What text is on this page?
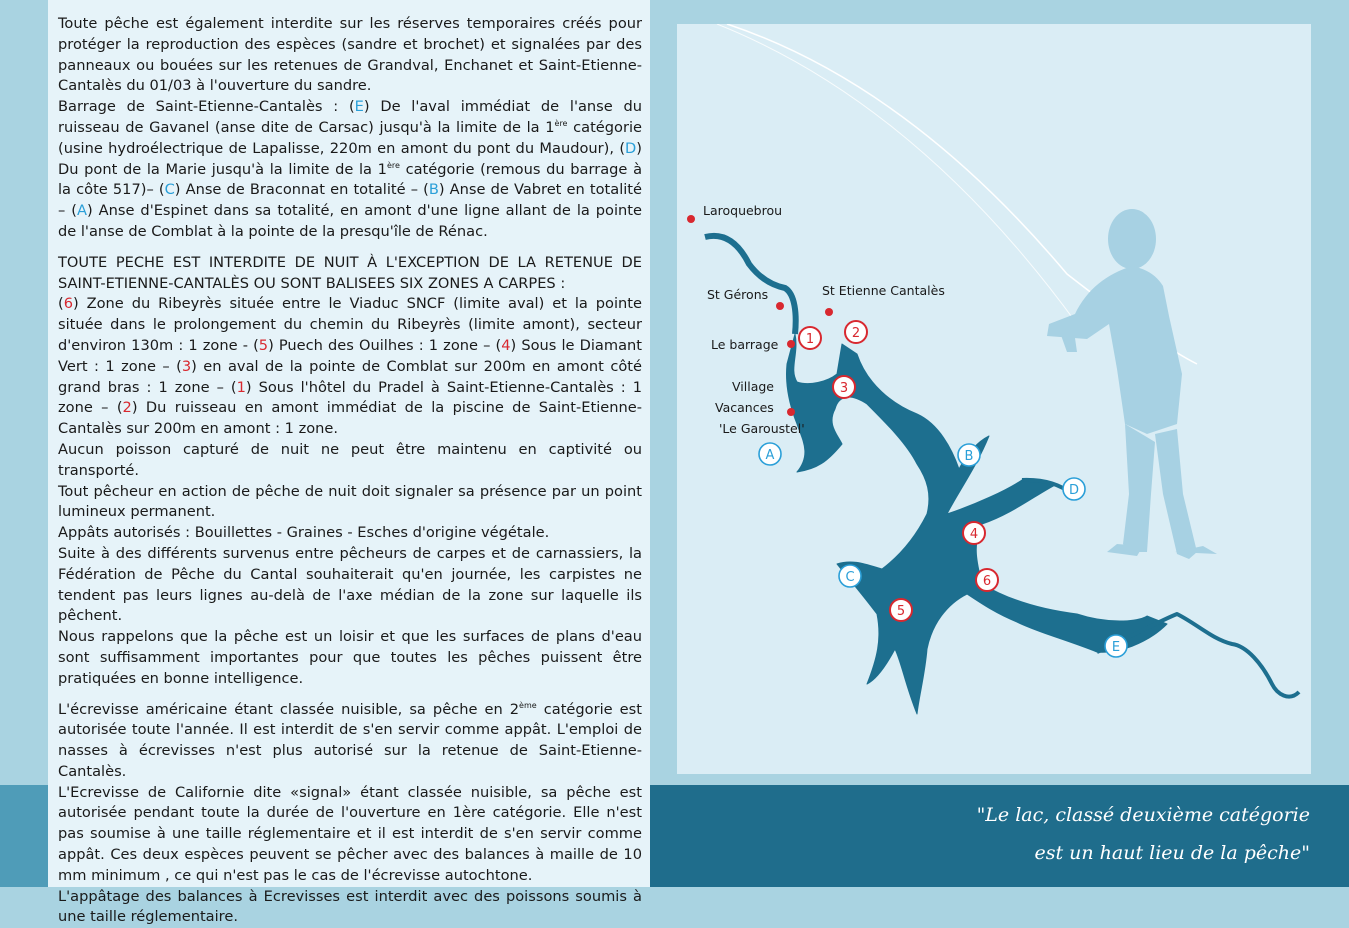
Toute pêche est également interdite sur les réserves temporaires créés pour protéger la reproduction des espèces (sandre et brochet) et signalées par des panneaux ou bouées sur les retenues de Grandval, Enchanet et Saint-Etienne-Cantalès du 01/03 à l'ouverture du sandre.

Barrage de Saint-Etienne-Cantalès : (E) De l'aval immédiat de l'anse du ruisseau de Gavanel (anse dite de Carsac) jusqu'à la limite de la 1ère catégorie (usine hydroélectrique de Lapalisse, 220m en amont du pont du Maudour), (D) Du pont de la Marie jusqu'à la limite de la 1ère catégorie (remous du barrage à la côte 517)– (C) Anse de Braconnat en totalité – (B) Anse de Vabret en totalité – (A) Anse d'Espinet dans sa totalité, en amont d'une ligne allant de la pointe de l'anse de Comblat à la pointe de la presqu'île de Rénac.

TOUTE PECHE EST INTERDITE DE NUIT À L'EXCEPTION DE LA RETENUE DE SAINT-ETIENNE-CANTALÈS OU SONT BALISEES SIX ZONES A CARPES :

(6) Zone du Ribeyrès située entre le Viaduc SNCF (limite aval) et la pointe située dans le prolongement du chemin du Ribeyrès (limite amont), secteur d'environ 130m : 1 zone - (5) Puech des Ouilhes : 1 zone – (4) Sous le Diamant Vert : 1 zone – (3) en aval de la pointe de Comblat sur 200m en amont côté grand bras : 1 zone – (1) Sous l'hôtel du Pradel à Saint-Etienne-Cantalès : 1 zone – (2) Du ruisseau en amont immédiat de la piscine de Saint-Etienne-Cantalès sur 200m en amont : 1 zone.

Aucun poisson capturé de nuit ne peut être maintenu en captivité ou transporté.

Tout pêcheur en action de pêche de nuit doit signaler sa présence par un point lumineux permanent.

Appâts autorisés : Bouillettes - Graines - Esches d'origine végétale.

Suite à des différents survenus entre pêcheurs de carpes et de carnassiers, la Fédération de Pêche du Cantal souhaiterait qu'en journée, les carpistes ne tendent pas leurs lignes au-delà de l'axe médian de la zone sur laquelle ils pêchent.

Nous rappelons que la pêche est un loisir et que les surfaces de plans d'eau sont suffisamment importantes pour que toutes les pêches puissent être pratiquées en bonne intelligence.

L'écrevisse américaine étant classée nuisible, sa pêche en 2ème catégorie est autorisée toute l'année. Il est interdit de s'en servir comme appât. L'emploi de nasses à écrevisses n'est plus autorisé sur la retenue de Saint-Etienne-Cantalès.

L'Ecrevisse de Californie dite «signal» étant classée nuisible, sa pêche est autorisée pendant toute la durée de l'ouverture en 1ère catégorie. Elle n'est pas soumise à une taille réglementaire et il est interdit de s'en servir comme appât. Ces deux espèces peuvent se pêcher avec des balances à maille de 10 mm minimum , ce qui n'est pas le cas de l'écrevisse autochtone.

L'appâtage des balances à Ecrevisses est interdit avec des poissons soumis à une taille réglementaire.

Laroquebrou
St Gérons	St Etienne Cantalès
Le barrage
Village
Vacances
'Le Garoustel'
1	2
3
4
5
6
A	B
C
D
E
"Le lac, classé deuxième catégorie
est un haut lieu de la pêche"
